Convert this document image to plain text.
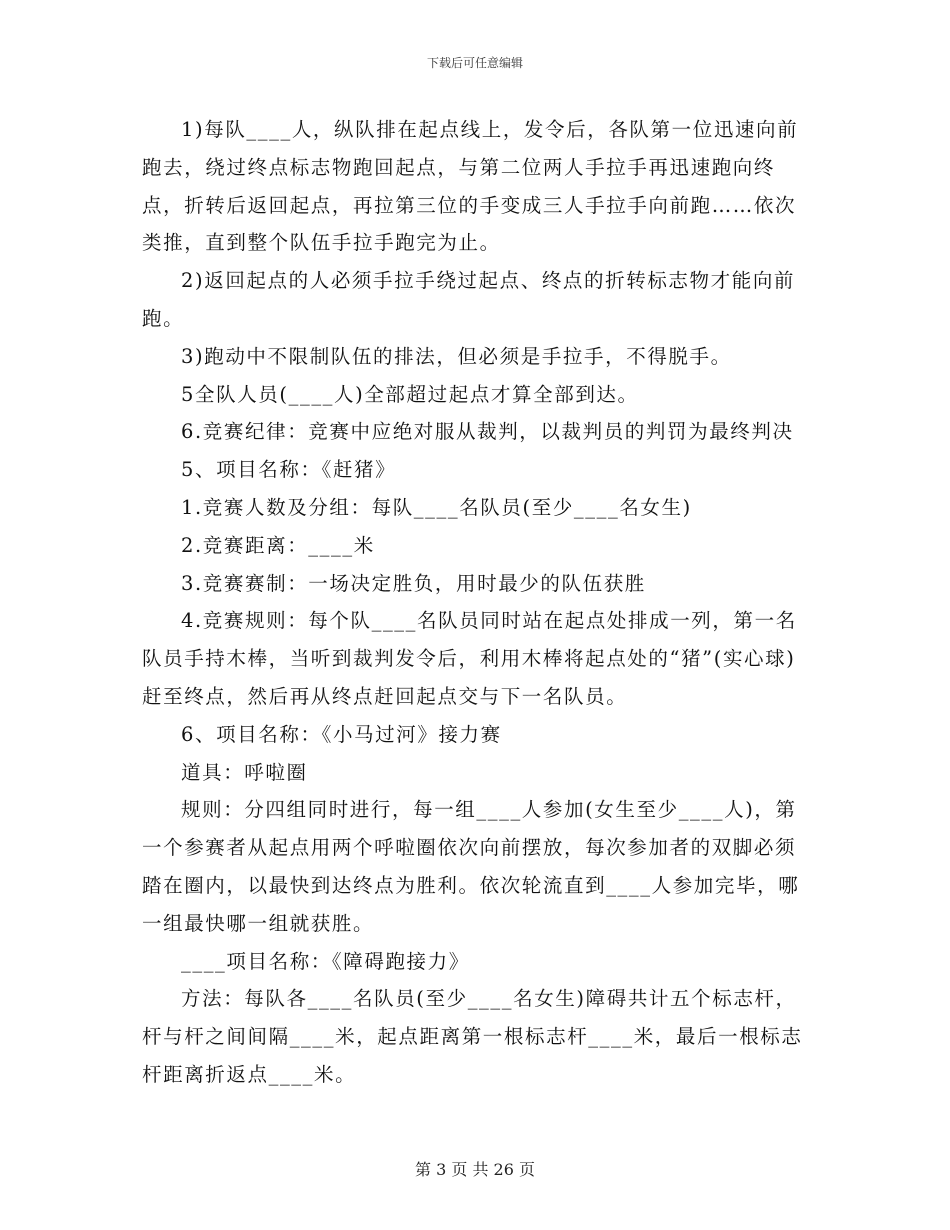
下载后可任意编辑

1)每队____人，纵队排在起点线上，发令后，各队第一位迅速向前跑去，绕过终点标志物跑回起点，与第二位两人手拉手再迅速跑向终点，折转后返回起点，再拉第三位的手变成三人手拉手向前跑……依次类推，直到整个队伍手拉手跑完为止。

2)返回起点的人必须手拉手绕过起点、终点的折转标志物才能向前跑。

3)跑动中不限制队伍的排法，但必须是手拉手，不得脱手。

5全队人员(____人)全部超过起点才算全部到达。

6.竞赛纪律：竞赛中应绝对服从裁判，以裁判员的判罚为最终判决

5、项目名称：《赶猪》

1.竞赛人数及分组：每队____名队员(至少____名女生)

2.竞赛距离：____米

3.竞赛赛制：一场决定胜负，用时最少的队伍获胜

4.竞赛规则：每个队____名队员同时站在起点处排成一列，第一名队员手持木棒，当听到裁判发令后，利用木棒将起点处的“猪”(实心球)赶至终点，然后再从终点赶回起点交与下一名队员。

6、项目名称：《小马过河》接力赛

道具：呼啦圈

规则：分四组同时进行，每一组____人参加(女生至少____人)，第一个参赛者从起点用两个呼啦圈依次向前摆放，每次参加者的双脚必须踏在圈内，以最快到达终点为胜利。依次轮流直到____人参加完毕，哪一组最快哪一组就获胜。

____项目名称：《障碍跑接力》

方法：每队各____名队员(至少____名女生)障碍共计五个标志杆，杆与杆之间间隔____米，起点距离第一根标志杆____米，最后一根标志杆距离折返点____米。

第 3 页 共 26 页
